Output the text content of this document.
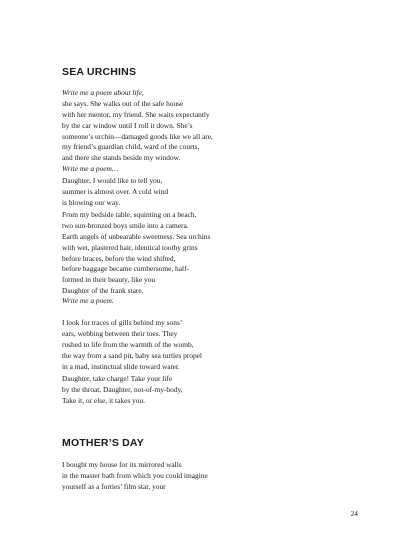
SEA URCHINS
Write me a poem about life,
she says. She walks out of the safe house
with her mentor, my friend. She waits expectantly
by the car window until I roll it down. She’s
someone’s urchin—damaged goods like we all are,
my friend’s guardian child, ward of the courts,
and there she stands beside my window.
Write me a poem…
Daughter, I would like to tell you,
summer is almost over. A cold wind
is blowing our way.
From my bedside table, squinting on a beach,
two sun-bronzed boys smile into a camera.
Earth angels of unbearable sweetness. Sea urchins
with wet, plastered hair, identical toothy grins
before braces, before the wind shifted,
before baggage became cumbersome, half-
formed in their beauty, like you
Daughter of the frank stare.
Write me a poem.
I look for traces of gills behind my sons’
ears, webbing between their toes. They
rushed to life from the warmth of the womb,
the way from a sand pit, baby sea turtles propel
in a mad, instinctual slide toward water.
Daughter, take charge! Take your life
by the throat, Daughter, not-of-my-body,
Take it, or else, it takes you.
MOTHER’S DAY
I bought my house for its mirrored walls
in the master bath from which you could imagine
yourself as a forties’ film star, your

24
